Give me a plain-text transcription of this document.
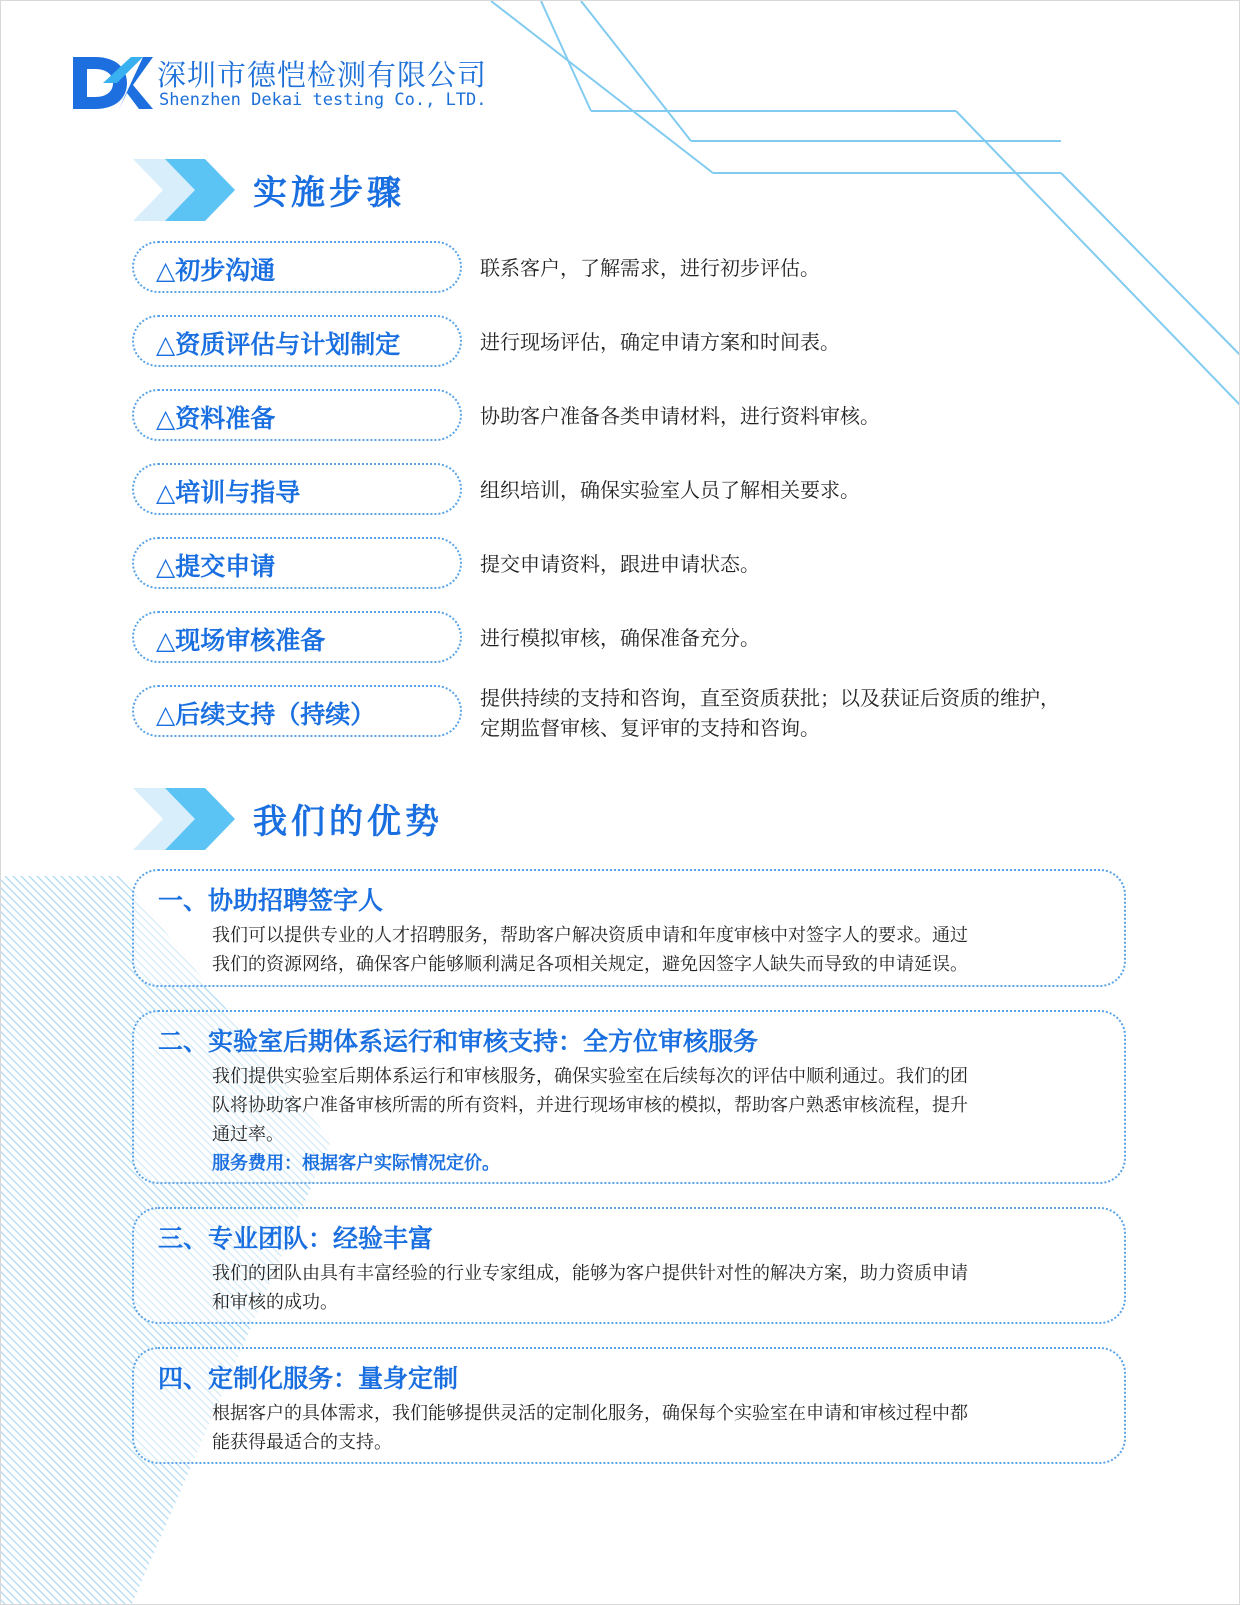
深圳市德恺检测有限公司
Shenzhen Dekai testing Co., LTD.
实施步骤
△初步沟通	联系客户，了解需求，进行初步评估。
△资质评估与计划制定	进行现场评估，确定申请方案和时间表。
△资料准备	协助客户准备各类申请材料，进行资料审核。
△培训与指导	组织培训，确保实验室人员了解相关要求。
△提交申请	提交申请资料，跟进申请状态。
△现场审核准备	进行模拟审核，确保准备充分。
△后续支持（持续）
提供持续的支持和咨询，直至资质获批；以及获证后资质的维护，
定期监督审核、复评审的支持和咨询。
我们的优势
一、协助招聘签字人
我们可以提供专业的人才招聘服务，帮助客户解决资质申请和年度审核中对签字人的要求。通过
我们的资源网络，确保客户能够顺利满足各项相关规定，避免因签字人缺失而导致的申请延误。
二、实验室后期体系运行和审核支持：全方位审核服务
我们提供实验室后期体系运行和审核服务，确保实验室在后续每次的评估中顺利通过。我们的团
队将协助客户准备审核所需的所有资料，并进行现场审核的模拟，帮助客户熟悉审核流程，提升
通过率。
服务费用：根据客户实际情况定价。
三、专业团队：经验丰富
我们的团队由具有丰富经验的行业专家组成，能够为客户提供针对性的解决方案，助力资质申请
和审核的成功。
四、定制化服务：量身定制
根据客户的具体需求，我们能够提供灵活的定制化服务，确保每个实验室在申请和审核过程中都
能获得最适合的支持。
